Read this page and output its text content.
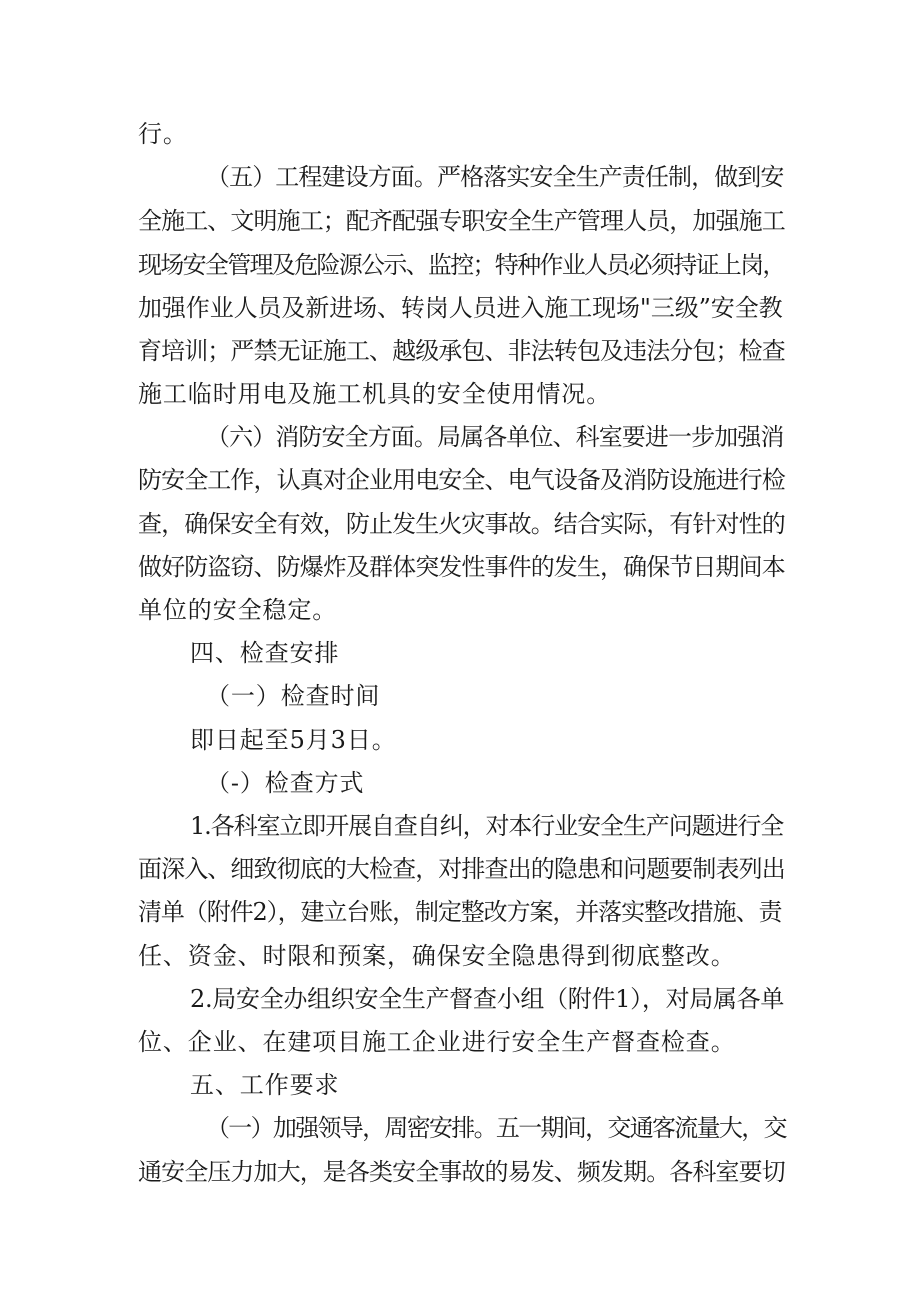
行。
（五）工程建设方面。严格落实安全生产责任制，做到安
全施工、文明施工；配齐配强专职安全生产管理人员，加强施工
现场安全管理及危险源公示、监控；特种作业人员必须持证上岗，
加强作业人员及新进场、转岗人员进入施工现场"三级”安全教
育培训；严禁无证施工、越级承包、非法转包及违法分包；检查
施工临时用电及施工机具的安全使用情况。
（六）消防安全方面。局属各单位、科室要进一步加强消
防安全工作，认真对企业用电安全、电气设备及消防设施进行检
查，确保安全有效，防止发生火灾事故。结合实际，有针对性的
做好防盗窃、防爆炸及群体突发性事件的发生，确保节日期间本
单位的安全稳定。
四、检查安排
（一）检查时间
即日起至5月3日。
（-）检查方式
1.各科室立即开展自查自纠，对本行业安全生产问题进行全
面深入、细致彻底的大检查，对排查出的隐患和问题要制表列出
清单（附件2），建立台账，制定整改方案，并落实整改措施、责
任、资金、时限和预案，确保安全隐患得到彻底整改。
2.局安全办组织安全生产督查小组（附件1），对局属各单
位、企业、在建项目施工企业进行安全生产督查检查。
五、工作要求
（一）加强领导，周密安排。五一期间，交通客流量大，交
通安全压力加大，是各类安全事故的易发、频发期。各科室要切
